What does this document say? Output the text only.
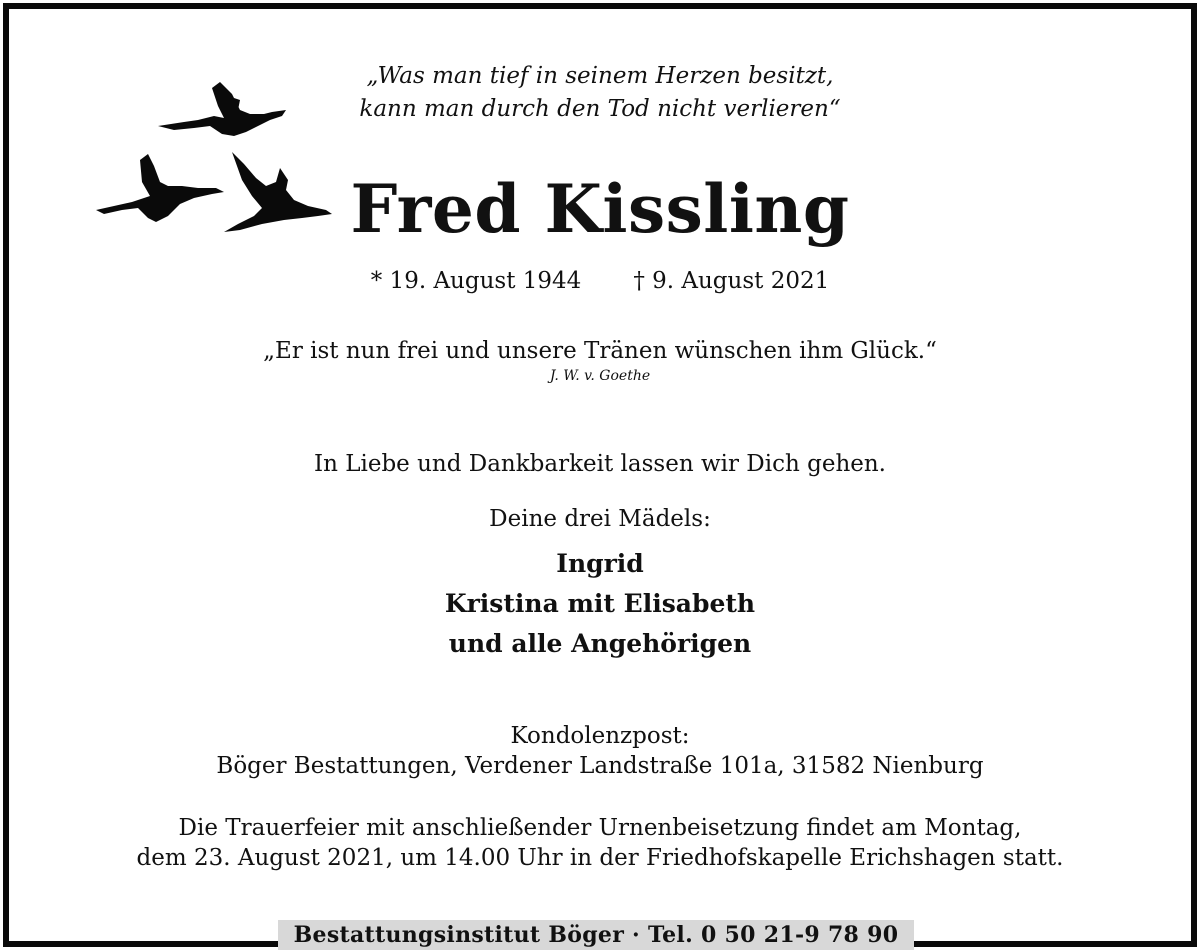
„Was man tief in seinem Herzen besitzt,
kann man durch den Tod nicht verlieren“
Fred Kissling
* 19. August 1944 † 9. August 2021
„Er ist nun frei und unsere Tränen wünschen ihm Glück.“
J. W. v. Goethe
In Liebe und Dankbarkeit lassen wir Dich gehen.
Deine drei Mädels:
Ingrid
Kristina mit Elisabeth
und alle Angehörigen
Kondolenzpost:
Böger Bestattungen, Verdener Landstraße 101a, 31582 Nienburg
Die Trauerfeier mit anschließender Urnenbeisetzung findet am Montag,
dem 23. August 2021, um 14.00 Uhr in der Friedhofskapelle Erichshagen statt.
Bestattungsinstitut Böger · Tel. 0 50 21-9 78 90
